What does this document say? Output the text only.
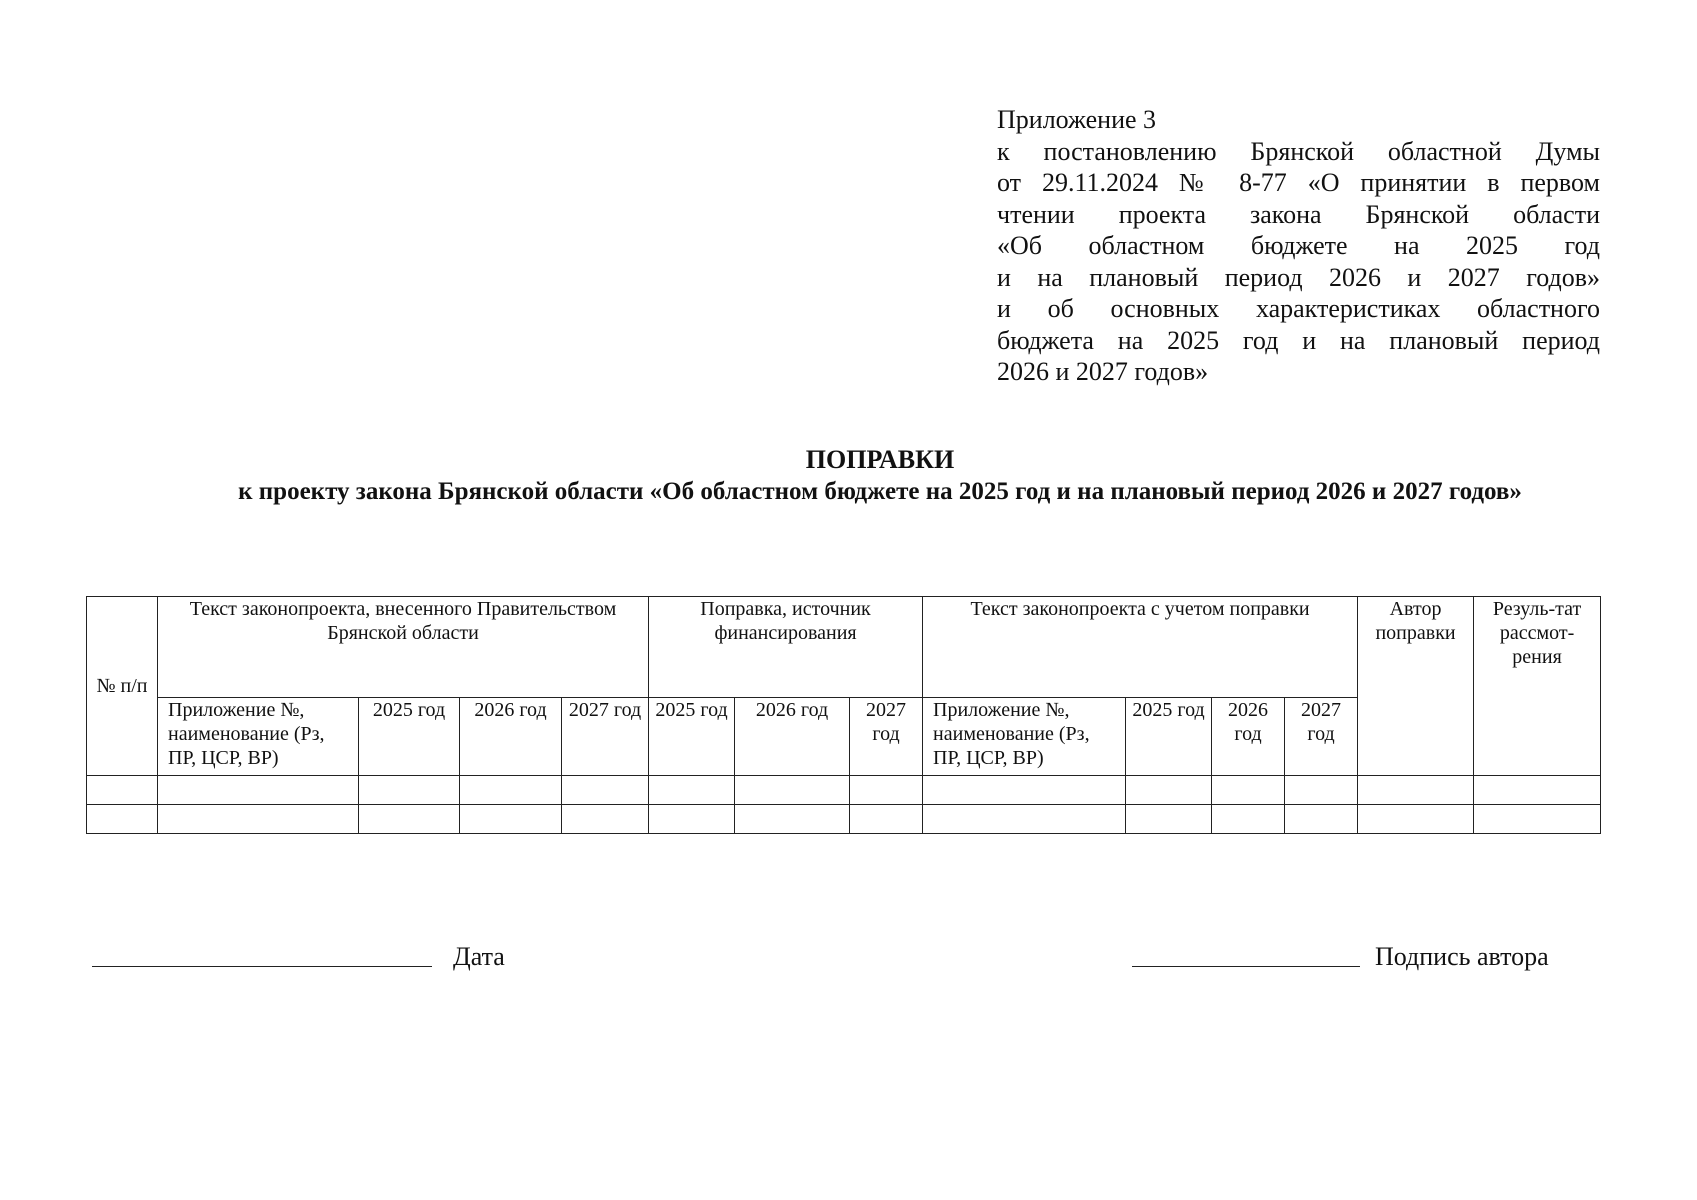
Приложение 3
к постановлению Брянской областной Думы
от 29.11.2024 № 8-77 «О принятии в первом
чтении проекта закона Брянской области
«Об областном бюджете на 2025 год
и на плановый период 2026 и 2027 годов»
и об основных характеристиках областного
бюджета на 2025 год и на плановый период
2026 и 2027 годов»
ПОПРАВКИ
к проекту закона Брянской области «Об областном бюджете на 2025 год и на плановый период 2026 и 2027 годов»
№ п/п	Текст законопроекта, внесенного Правительством Брянской области				Поправка, источник финансирования			Текст законопроекта с учетом поправки				Автор поправки	Резуль-тат рассмот-рения
	Приложение №, наименование (Рз, ПР, ЦСР, ВР)	2025 год	2026 год	2027 год	2025 год	2026 год	2027 год	Приложение №, наименование (Рз, ПР, ЦСР, ВР)	2025 год	2026 год	2027 год		

Дата	Подпись автора
